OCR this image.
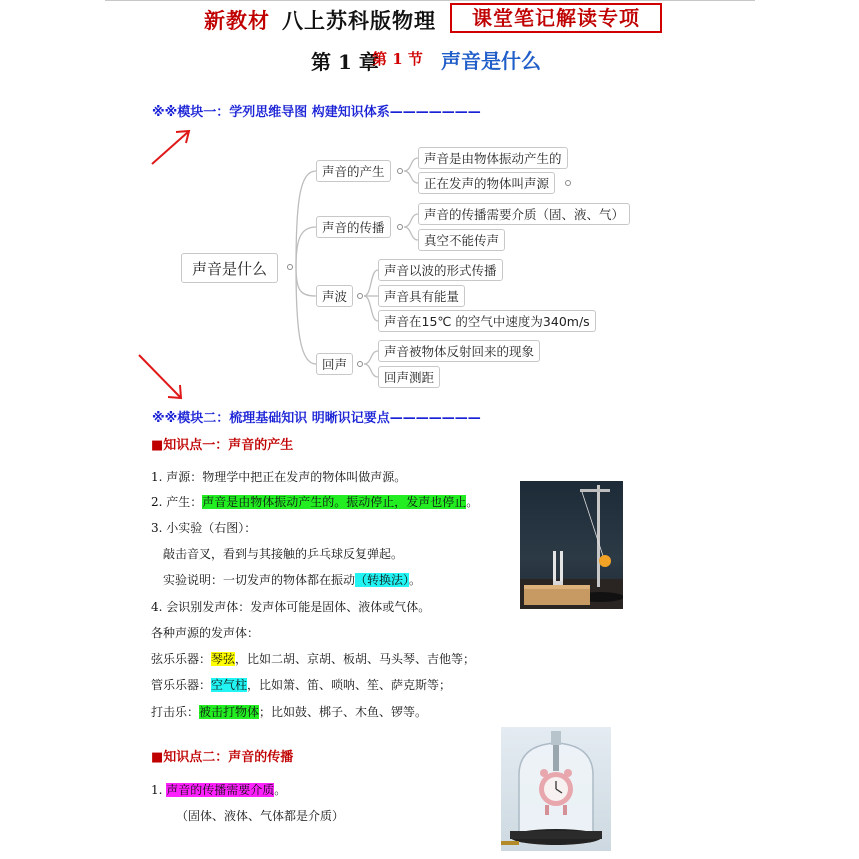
新教材 八上苏科版物理	课堂笔记解读专项
第 1 章
第 1 节 声音是什么
※※模块一：学列思维导图 构建知识体系———————
声音是什么
声音的产生
声音是由物体振动产生的
正在发声的物体叫声源
声音的传播
声音的传播需要介质（固、液、气）
真空不能传声
声波
声音以波的形式传播
声音具有能量
声音在15℃ 的空气中速度为340m/s
回声
声音被物体反射回来的现象
回声测距
※※模块二：梳理基础知识 明晰识记要点———————
■知识点一：声音的产生
1. 声源：物理学中把正在发声的物体叫做声源。
2. 产生：声音是由物体振动产生的。振动停止，发声也停止。
3. 小实验（右图）：
敲击音叉，看到与其接触的乒乓球反复弹起。
实验说明：一切发声的物体都在振动（转换法）。
4. 会识别发声体：发声体可能是固体、液体或气体。
各种声源的发声体：
弦乐乐器：琴弦，比如二胡、京胡、板胡、马头琴、吉他等；
管乐乐器：空气柱，比如箫、笛、唢呐、笙、萨克斯等；
打击乐：被击打物体；比如鼓、梆子、木鱼、锣等。
■知识点二：声音的传播
1. 声音的传播需要介质。
（固体、液体、气体都是介质）
